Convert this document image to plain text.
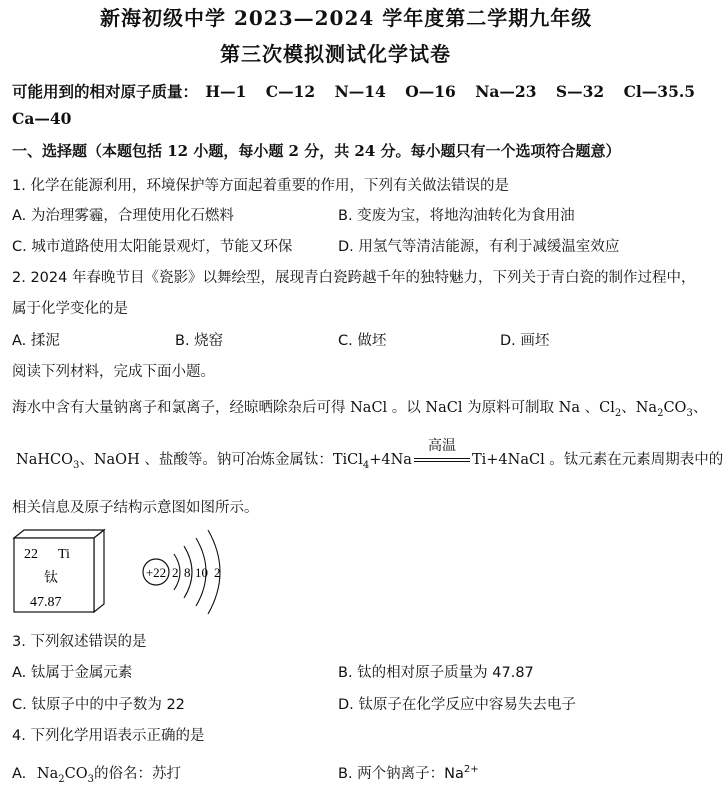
新海初级中学 2023—2024 学年度第二学期九年级
第三次模拟测试化学试卷
可能用到的相对原子质量： H—1 C—12 N—14 O—16 Na—23 S—32 Cl—35.5
Ca—40
一、选择题（本题包括 12 小题，每小题 2 分，共 24 分。每小题只有一个选项符合题意）
1. 化学在能源利用，环境保护等方面起着重要的作用，下列有关做法错误的是
A. 为治理雾霾，合理使用化石燃料	B. 变废为宝，将地沟油转化为食用油
C. 城市道路使用太阳能景观灯，节能又环保	D. 用氢气等清洁能源，有利于减缓温室效应
2. 2024 年春晚节目《瓷影》以舞绘型，展现青白瓷跨越千年的独特魅力，下列关于青白瓷的制作过程中，
属于化学变化的是
A. 揉泥	B. 烧窑	C. 做坯	D. 画坯
阅读下列材料，完成下面小题。
海水中含有大量钠离子和氯离子，经晾晒除杂后可得 NaCl 。以 NaCl 为原料可制取 Na 、$Cl_2$、$Na_2CO_3$、
NaHCO$_3$、NaOH 、盐酸等。钠可冶炼金属钛：TiCl$_4$+4Na
高温
Ti+4NaCl 。钛元素在元素周期表中的
相关信息及原子结构示意图如图所示。
22 Ti
钛
47.87
+22 2 8 10 2
3. 下列叙述错误的是
A. 钛属于金属元素	B. 钛的相对原子质量为 47.87
C. 钛原子中的中子数为 22	D. 钛原子在化学反应中容易失去电子
4. 下列化学用语表示正确的是
A. $Na_2CO_3$的俗名：苏打	B. 两个钠离子：$Na^{2+}$
